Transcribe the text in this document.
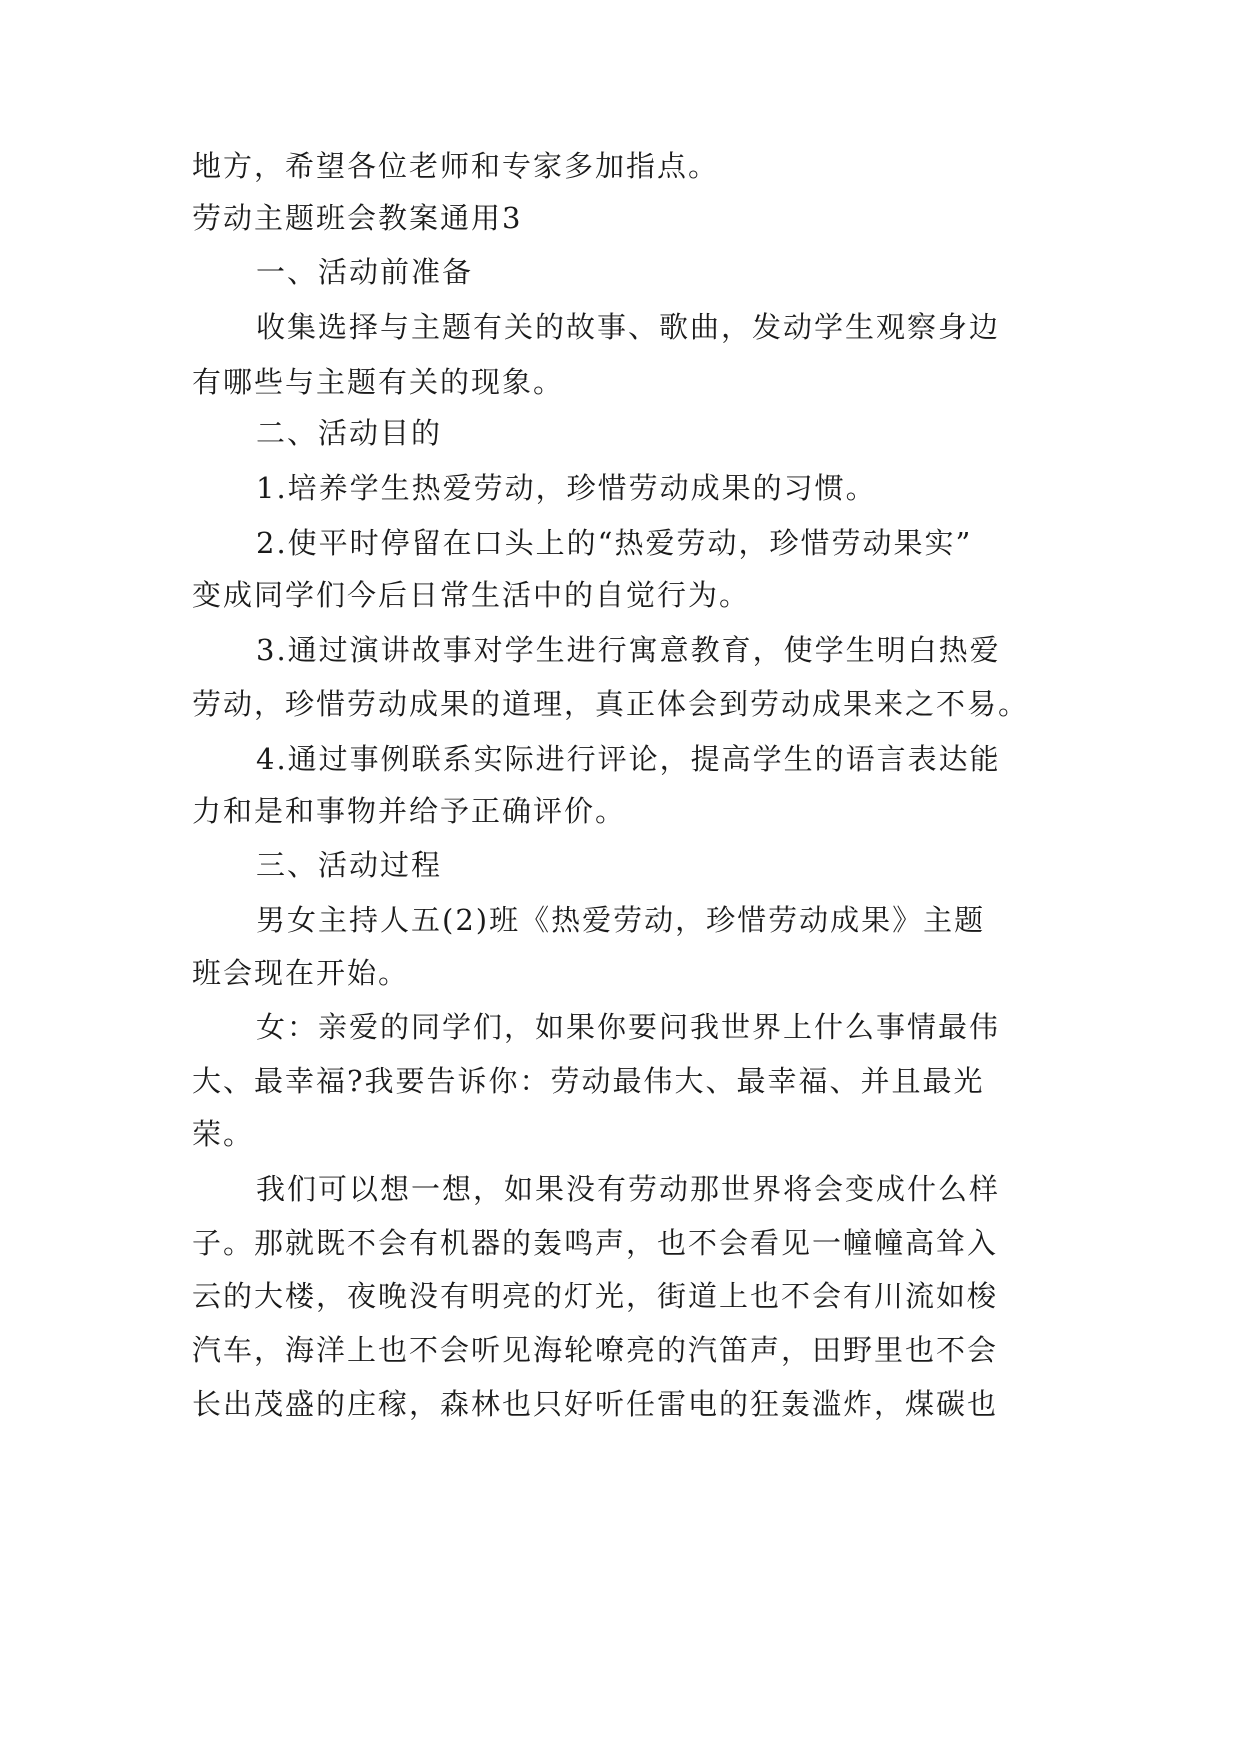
地方，希望各位老师和专家多加指点。

劳动主题班会教案通用3

一、活动前准备

收集选择与主题有关的故事、歌曲，发动学生观察身边

有哪些与主题有关的现象。

二、活动目的

1.培养学生热爱劳动，珍惜劳动成果的习惯。

2.使平时停留在口头上的“热爱劳动，珍惜劳动果实”

变成同学们今后日常生活中的自觉行为。

3.通过演讲故事对学生进行寓意教育，使学生明白热爱

劳动，珍惜劳动成果的道理，真正体会到劳动成果来之不易。

4.通过事例联系实际进行评论，提高学生的语言表达能

力和是和事物并给予正确评价。

三、活动过程

男女主持人五(2)班《热爱劳动，珍惜劳动成果》主题

班会现在开始。

女：亲爱的同学们，如果你要问我世界上什么事情最伟

大、最幸福?我要告诉你：劳动最伟大、最幸福、并且最光

荣。

我们可以想一想，如果没有劳动那世界将会变成什么样

子。那就既不会有机器的轰鸣声，也不会看见一幢幢高耸入

云的大楼，夜晚没有明亮的灯光，街道上也不会有川流如梭

汽车，海洋上也不会听见海轮嘹亮的汽笛声，田野里也不会

长出茂盛的庄稼，森林也只好听任雷电的狂轰滥炸，煤碳也
